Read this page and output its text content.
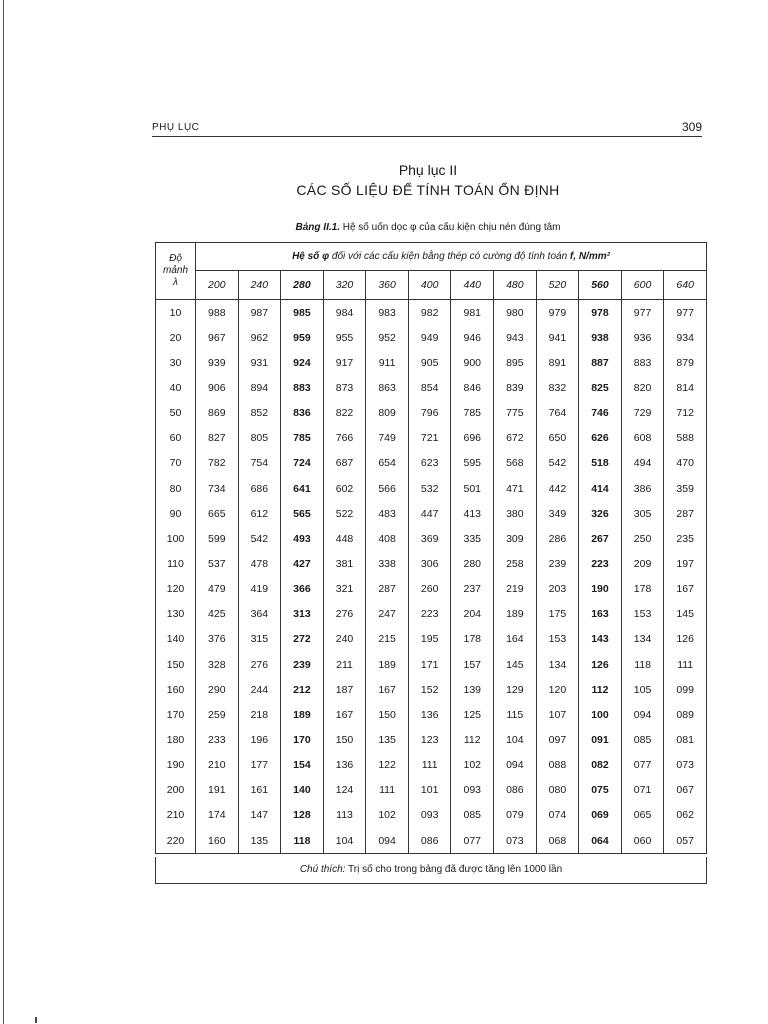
PHỤ LỤC	309
Phụ lục II
CÁC SỐ LIỆU ĐỂ TÍNH TOÁN ỔN ĐỊNH
Bảng II.1. Hệ số uốn dọc φ của cấu kiện chịu nén đúng tâm
Độ
mảnh
λ	Hệ số φ đối với các cấu kiện bằng thép có cường độ tính toán f, N/mm²											
	200	240	280	320	360	400	440	480	520	560	600	640
10	988	987	985	984	983	982	981	980	979	978	977	977
20	967	962	959	955	952	949	946	943	941	938	936	934
30	939	931	924	917	911	905	900	895	891	887	883	879
40	906	894	883	873	863	854	846	839	832	825	820	814
50	869	852	836	822	809	796	785	775	764	746	729	712
60	827	805	785	766	749	721	696	672	650	626	608	588
70	782	754	724	687	654	623	595	568	542	518	494	470
80	734	686	641	602	566	532	501	471	442	414	386	359
90	665	612	565	522	483	447	413	380	349	326	305	287
100	599	542	493	448	408	369	335	309	286	267	250	235
110	537	478	427	381	338	306	280	258	239	223	209	197
120	479	419	366	321	287	260	237	219	203	190	178	167
130	425	364	313	276	247	223	204	189	175	163	153	145
140	376	315	272	240	215	195	178	164	153	143	134	126
150	328	276	239	211	189	171	157	145	134	126	118	111
160	290	244	212	187	167	152	139	129	120	112	105	099
170	259	218	189	167	150	136	125	115	107	100	094	089
180	233	196	170	150	135	123	112	104	097	091	085	081
190	210	177	154	136	122	111	102	094	088	082	077	073
200	191	161	140	124	111	101	093	086	080	075	071	067
210	174	147	128	113	102	093	085	079	074	069	065	062
220	160	135	118	104	094	086	077	073	068	064	060	057
Chú thích: Trị số cho trong bảng đã được tăng lên 1000 lần
